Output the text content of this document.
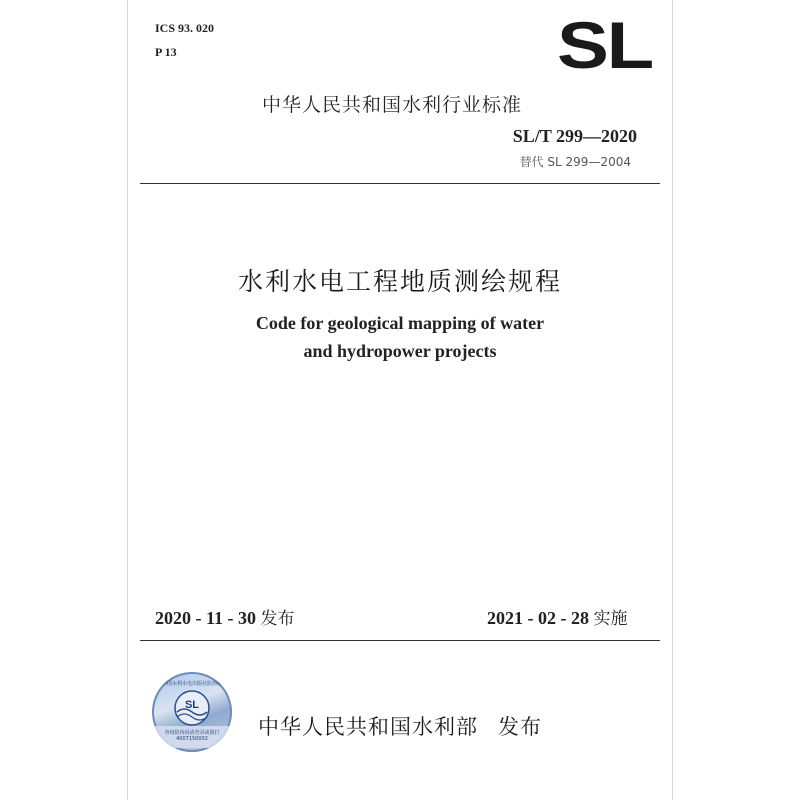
ICS 93. 020
P 13	SL
中华人民共和国水利行业标准
SL/T 299—2020
替代 SL 299—2004
水利水电工程地质测绘规程
Code for geological mapping of water
and hydropower projects
2020 - 11 - 30 发布	2021 - 02 - 28 实施
中国水利水电出版社防伪标
SL
查询防伪码请登录或拨打
4007150002	中华人民共和国水利部 发布
